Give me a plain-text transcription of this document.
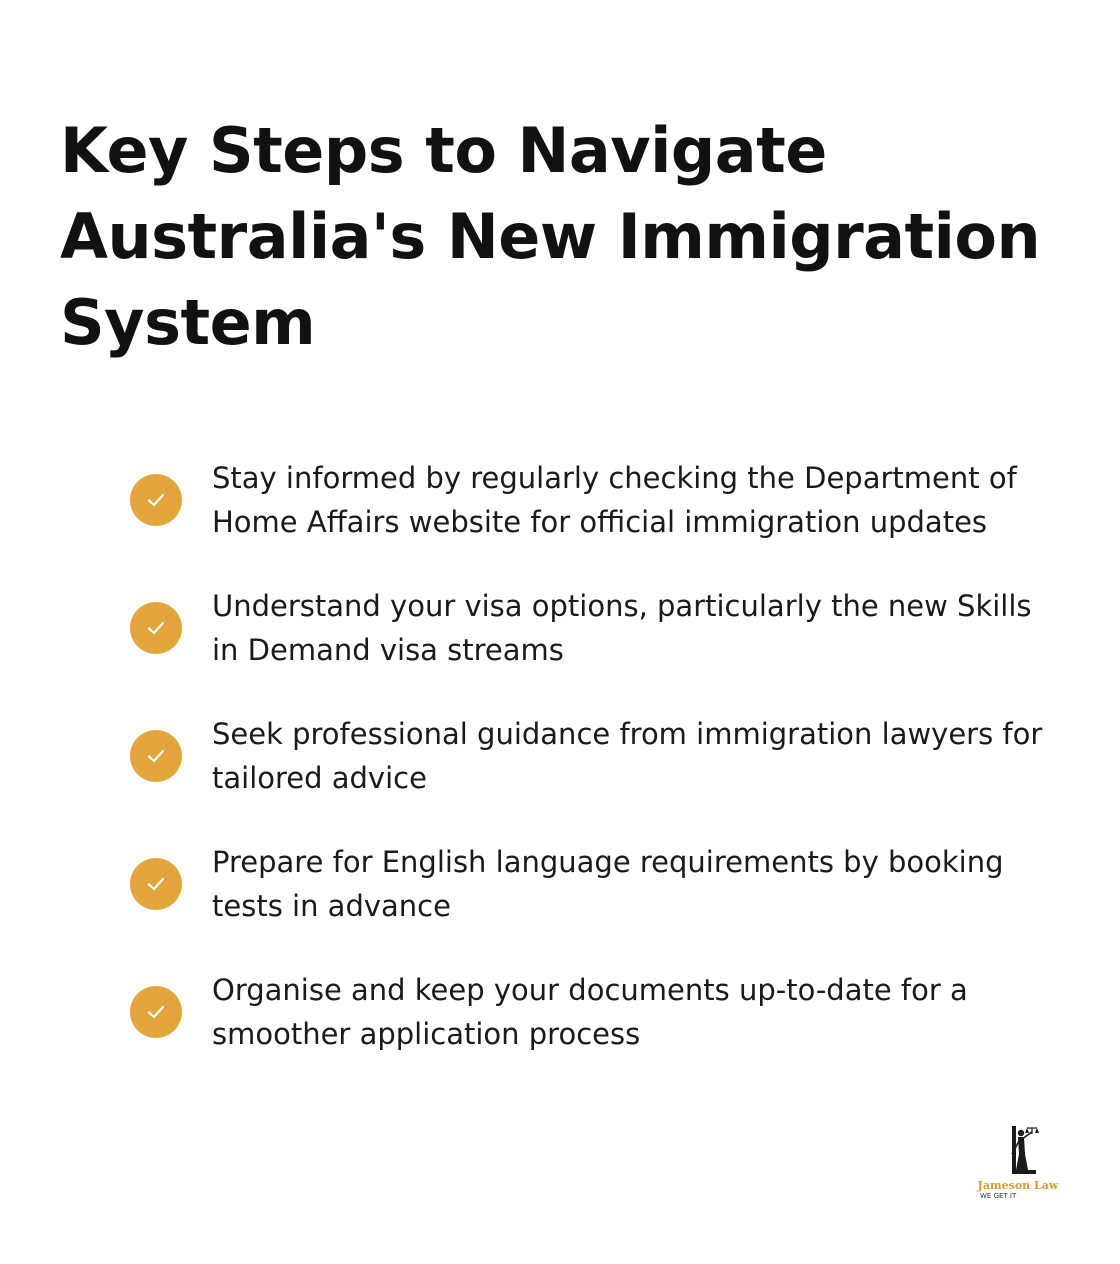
Key Steps to Navigate Australia's New Immigration System
Stay informed by regularly checking the Department of Home Affairs website for official immigration updates
Understand your visa options, particularly the new Skills in Demand visa streams
Seek professional guidance from immigration lawyers for tailored advice
Prepare for English language requirements by booking tests in advance
Organise and keep your documents up-to-date for a smoother application process
Jameson Law
WE GET IT
